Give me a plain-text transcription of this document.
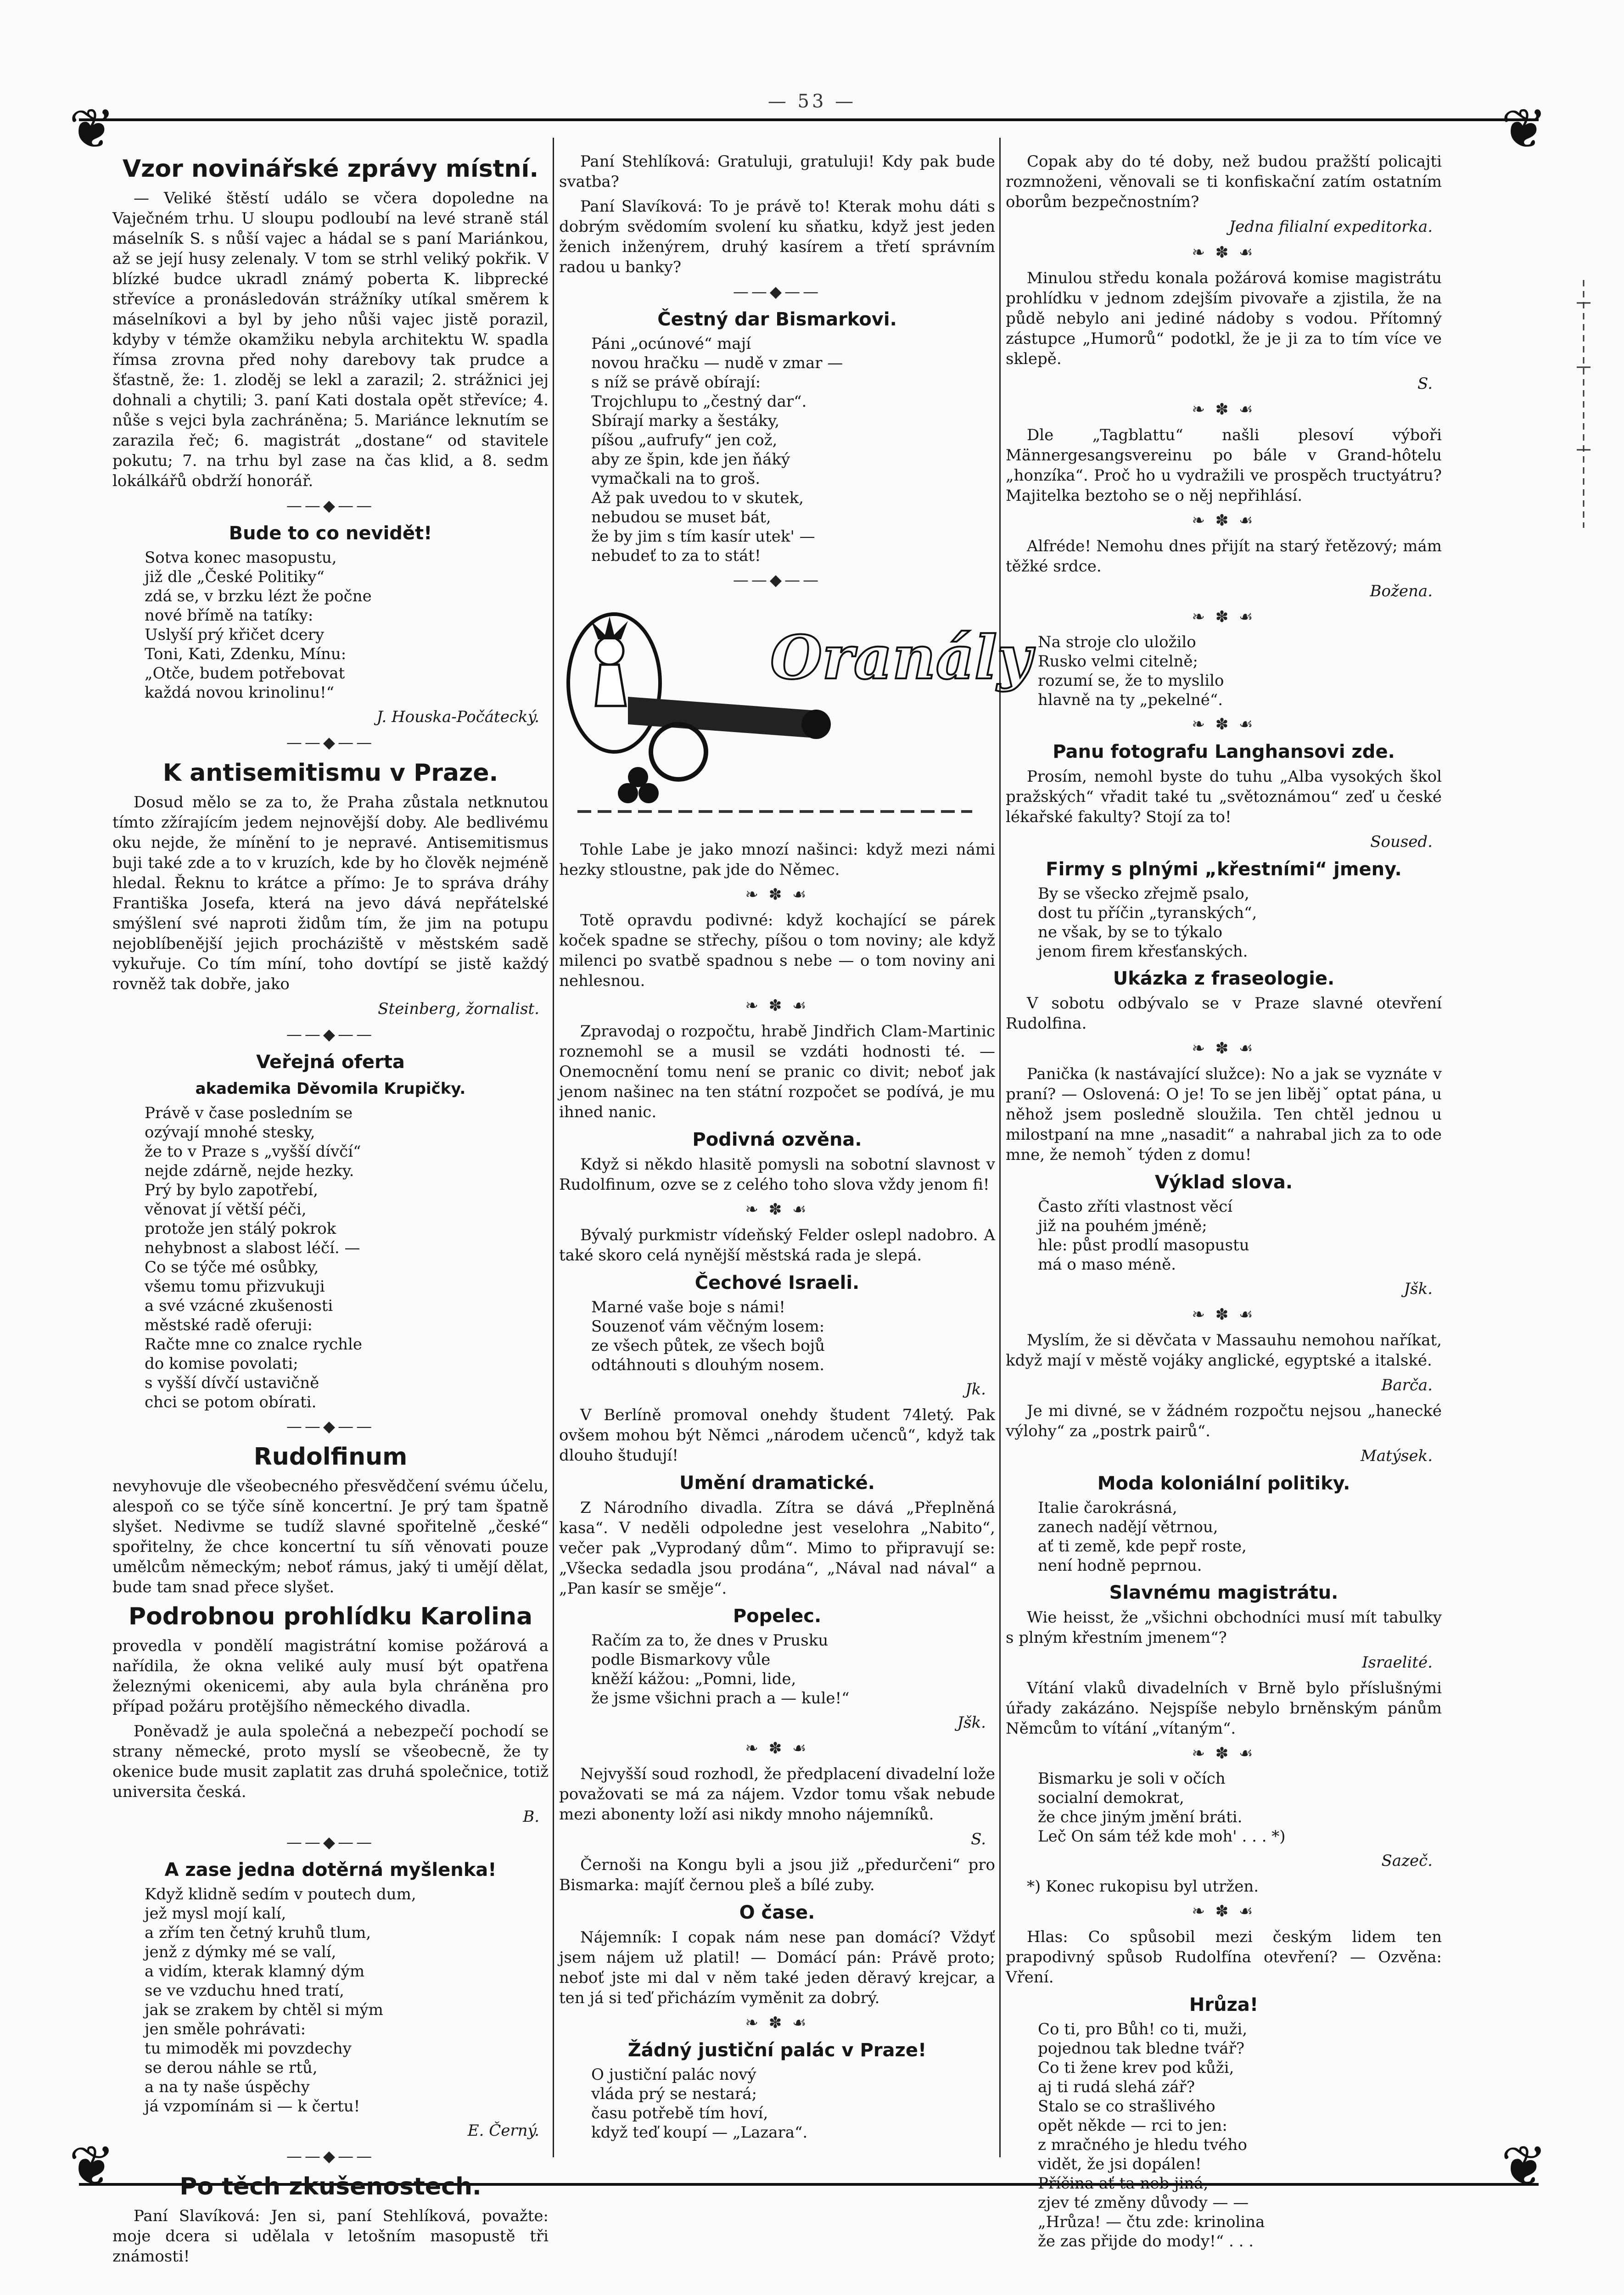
— 53 —
❦	❦
❦	❦
Vzor novinářské zprávy místní.
— Veliké štěstí událo se včera dopoledne na Vaječném trhu. U sloupu podloubí na levé straně stál máselník S. s nůší vajec a hádal se s paní Mariánkou, až se její husy zelenaly. V tom se strhl veliký pokřik. V blízké budce ukradl známý poberta K. libprecké střevíce a pronásledován strážníky utíkal směrem k máselníkovi a byl by jeho nůši vajec jistě porazil, kdyby v témže okamžiku nebyla architektu W. spadla římsa zrovna před nohy darebovy tak prudce a šťastně, že: 1. zloděj se lekl a zarazil; 2. strážnici jej dohnali a chytili; 3. paní Kati dostala opět střevíce; 4. nůše s vejci byla zachráněna; 5. Mariánce leknutím se zarazila řeč; 6. magistrát „dostane“ od stavitele pokutu; 7. na trhu byl zase na čas klid, a 8. sedm lokálkářů obdrží honorář.
——◆——
Bude to co nevidět!
Sotva konec masopustu,
již dle „České Politiky“
zdá se, v brzku lézt že počne
nové břímě na tatíky:
Uslyší prý křičet dcery
Toni, Kati, Zdenku, Mínu:
„Otče, budem potřebovat
každá novou krinolinu!“
J. Houska-Počátecký.
——◆——
K antisemitismu v Praze.
Dosud mělo se za to, že Praha zůstala netknutou tímto zžírajícím jedem nejnovější doby. Ale bedlivému oku nejde, že mínění to je nepravé. Antisemitismus buji také zde a to v kruzích, kde by ho člověk nejméně hledal. Řeknu to krátce a přímo: Je to správa dráhy Františka Josefa, která na jevo dává nepřátelské smýšlení své naproti židům tím, že jim na potupu nejoblíbenější jejich procháziště v městském sadě vykuřuje. Co tím míní, toho dovtípí se jistě každý rovněž tak dobře, jako
Steinberg, žornalist.
——◆——
Veřejná oferta
akademika Děvomila Krupičky.
Právě v čase posledním se
ozývají mnohé stesky,
že to v Praze s „vyšší dívčí“
nejde zdárně, nejde hezky.
Prý by bylo zapotřebí,
věnovat jí větší péči,
protože jen stálý pokrok
nehybnost a slabost léčí. —
Co se týče mé osůbky,
všemu tomu přizvukuji
a své vzácné zkušenosti
městské radě oferuji:
Račte mne co znalce rychle
do komise povolati;
s vyšší dívčí ustavičně
chci se potom obírati.
——◆——
Rudolfinum
nevyhovuje dle všeobecného přesvědčení svému účelu, alespoň co se týče síně koncertní. Je prý tam špatně slyšet. Nedivme se tudíž slavné spořitelně „české“ spořitelny, že chce koncertní tu síň věnovati pouze umělcům německým; neboť rámus, jaký ti umějí dělat, bude tam snad přece slyšet.
Podrobnou prohlídku Karolina
provedla v pondělí magistrátní komise požárová a nařídila, že okna veliké auly musí být opatřena železnými okenicemi, aby aula byla chráněna pro případ požáru protějšího německého divadla.
Poněvadž je aula společná a nebezpečí pochodí se strany německé, proto myslí se všeobecně, že ty okenice bude musit zaplatit zas druhá společnice, totiž universita česká.
B.
——◆——
A zase jedna dotěrná myšlenka!
Když klidně sedím v poutech dum,
jež mysl mojí kalí,
a zřím ten četný kruhů tlum,
jenž z dýmky mé se valí,
a vidím, kterak klamný dým
se ve vzduchu hned tratí,
jak se zrakem by chtěl si mým
jen směle pohrávati:
tu mimoděk mi povzdechy
se derou náhle se rtů,
a na ty naše úspěchy
já vzpomínám si — k čertu!
E. Černý.
——◆——
Po těch zkušenostech.
Paní Slavíková: Jen si, paní Stehlíková, považte: moje dcera si udělala v letošním masopustě tři známosti!
Paní Stehlíková: Gratuluji, gratuluji! Kdy pak bude svatba?
Paní Slavíková: To je právě to! Kterak mohu dáti s dobrým svědomím svolení ku sňatku, když jest jeden ženich inženýrem, druhý kasírem a třetí správním radou u banky?
——◆——
Čestný dar Bismarkovi.
Páni „ocúnové“ mají
novou hračku — nudě v zmar —
s níž se právě obírají:
Trojchlupu to „čestný dar“.
Sbírají marky a šestáky,
píšou „aufrufy“ jen což,
aby ze špin, kde jen ňáký
vymačkali na to groš.
Až pak uvedou to v skutek,
nebudou se muset bát,
že by jim s tím kasír utek' —
nebudeť to za to stát!
——◆——
Oranály
Tohle Labe je jako mnozí našinci: když mezi námi hezky stloustne, pak jde do Němec.
❧ ✽ ☙
Totě opravdu podivné: když kochající se párek koček spadne se střechy, píšou o tom noviny; ale když milenci po svatbě spadnou s nebe — o tom noviny ani nehlesnou.
❧ ✽ ☙
Zpravodaj o rozpočtu, hrabě Jindřich Clam-Martinic roznemohl se a musil se vzdáti hodnosti té. — Onemocnění tomu není se pranic co divit; neboť jak jenom našinec na ten státní rozpočet se podívá, je mu ihned nanic.
Podivná ozvěna.
Když si někdo hlasitě pomysli na sobotní slavnost v Rudolfinum, ozve se z celého toho slova vždy jenom fi!
❧ ✽ ☙
Bývalý purkmistr vídeňský Felder oslepl nadobro. A také skoro celá nynější městská rada je slepá.
Čechové Israeli.
Marné vaše boje s námi!
Souzenoť vám věčným losem:
ze všech půtek, ze všech bojů
odtáhnouti s dlouhým nosem.
Jk.
V Berlíně promoval onehdy študent 74letý. Pak ovšem mohou být Němci „národem učenců“, když tak dlouho študují!
Umění dramatické.
Z Národního divadla. Zítra se dává „Přeplněná kasa“. V neděli odpoledne jest veselohra „Nabito“, večer pak „Vyprodaný dům“. Mimo to připravují se: „Všecka sedadla jsou prodána“, „Nával nad nával“ a „Pan kasír se směje“.
Popelec.
Račím za to, že dnes v Prusku
podle Bismarkovy vůle
kněží kážou: „Pomni, lide,
že jsme všichni prach a — kule!“
Jšk.
❧ ✽ ☙
Nejvyšší soud rozhodl, že předplacení divadelní lože považovati se má za nájem. Vzdor tomu však nebude mezi abonenty loží asi nikdy mnoho nájemníků.
S.
Černoši na Kongu byli a jsou již „předurčeni“ pro Bismarka: majíť černou pleš a bílé zuby.
O čase.
Nájemník: I copak nám nese pan domácí? Vždyť jsem nájem už platil! — Domácí pán: Právě proto; neboť jste mi dal v něm také jeden děravý krejcar, a ten já si teď přicházím vyměnit za dobrý.
❧ ✽ ☙
Žádný justiční palác v Praze!
O justiční palác nový
vláda prý se nestará;
času potřebě tím hoví,
když teď koupí — „Lazara“.
Copak aby do té doby, než budou pražští policajti rozmnoženi, věnovali se ti konfiskační zatím ostatním oborům bezpečnostním?
Jedna filialní expeditorka.
❧ ✽ ☙
Minulou středu konala požárová komise magistrátu prohlídku v jednom zdejším pivovaře a zjistila, že na půdě nebylo ani jediné nádoby s vodou. Přítomný zástupce „Humorů“ podotkl, že je ji za to tím více ve sklepě.
S.
❧ ✽ ☙
Dle „Tagblattu“ našli plesoví výboři Männergesangsvereinu po bále v Grand-hôtelu „honzíka“. Proč ho u vydražili ve prospěch tructyátru? Majitelka beztoho se o něj nepřihlásí.
❧ ✽ ☙
Alfréde! Nemohu dnes přijít na starý řetězový; mám těžké srdce.
Božena.
❧ ✽ ☙
Na stroje clo uložilo
Rusko velmi citelně;
rozumí se, že to myslilo
hlavně na ty „pekelné“.
❧ ✽ ☙
Panu fotografu Langhansovi zde.
Prosím, nemohl byste do tuhu „Alba vysokých škol pražských“ vřadit také tu „světoznámou“ zeď u české lékařské fakulty? Stojí za to!
Soused.
Firmy s plnými „křestními“ jmeny.
By se všecko zřejmě psalo,
dost tu příčin „tyranských“,
ne však, by se to týkalo
jenom firem křesťanských.
Ukázka z fraseologie.
V sobotu odbývalo se v Praze slavné otevření Rudolfina.
❧ ✽ ☙
Panička (k nastávající služce): No a jak se vyznáte v praní? — Oslovená: O je! To se jen libějˇ optat pána, u něhož jsem posledně sloužila. Ten chtěl jednou u milostpaní na mne „nasadit“ a nahrabal jich za to ode mne, že nemohˇ týden z domu!
Výklad slova.
Často zříti vlastnost věcí
již na pouhém jméně;
hle: půst prodlí masopustu
má o maso méně.
Jšk.
❧ ✽ ☙
Myslím, že si děvčata v Massauhu nemohou naříkat, když mají v městě vojáky anglické, egyptské a italské.
Barča.
Je mi divné, se v žádném rozpočtu nejsou „hanecké výlohy“ za „postrk pairů“.
Matýsek.
Moda koloniální politiky.
Italie čarokrásná,
zanech nadějí větrnou,
ať ti země, kde pepř roste,
není hodně peprnou.
Slavnému magistrátu.
Wie heisst, že „všichni obchodníci musí mít tabulky s plným křestním jmenem“?
Israelité.
Vítání vlaků divadelních v Brně bylo příslušnými úřady zakázáno. Nejspíše nebylo brněnským pánům Němcům to vítání „vítaným“.
❧ ✽ ☙
Bismarku je soli v očích
socialní demokrat,
že chce jiným jmění bráti.
Leč On sám též kde moh' . . . *)
Sazeč.
*) Konec rukopisu byl utržen.
❧ ✽ ☙
Hlas: Co spůsobil mezi českým lidem ten prapodivný spůsob Rudolfína otevření? — Ozvěna: Vření.
Hrůza!
Co ti, pro Bůh! co ti, muži,
pojednou tak bledne tvář?
Co ti žene krev pod kůži,
aj ti rudá slehá zář?
Stalo se co strašlivého
opět někde — rci to jen:
z mračného je hledu tvého
vidět, že jsi dopálen!
Příčina ať ta neb jiná,
zjev té změny důvody — —
„Hrůza! — čtu zde: krinolina
že zas přijde do mody!“ . . .
